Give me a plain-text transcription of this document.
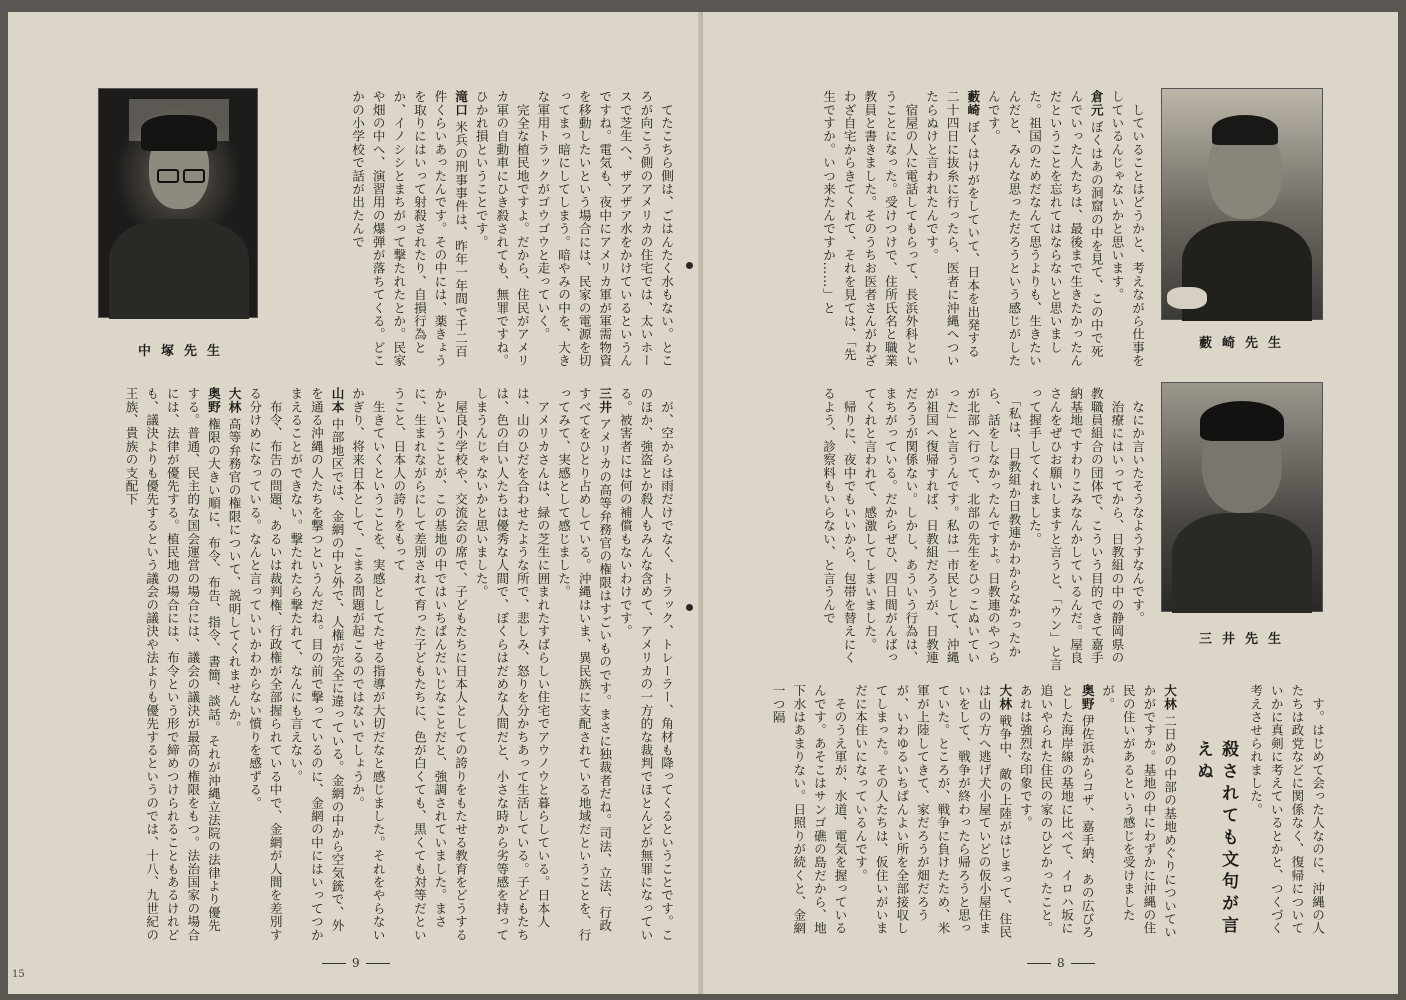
中塚先生	　てたこちら側は、ごはんたく水もない。ところが向こう側のアメリカの住宅では、太いホースで芝生へ、ザアザア水をかけているというんですね。電気も、夜中にアメリカ軍が軍需物資を移動したいという場合には、民家の電源を切ってまっ暗にしてしまう。暗やみの中を、大きな軍用トラックがゴウゴウと走っていく。

　完全な植民地ですよ。だから、住民がアメリカ軍の自動車にひき殺されても、無罪ですね。ひかれ損ということです。

滝口米兵の刑事事件は、昨年一年間で千二百件くらいあったんです。その中には、薬きょうを取りにはいって射殺されたり、自損行為とか、イノシシとまちがって撃たれたとか。民家や畑の中へ、演習用の爆弾が落ちてくる。どこかの小学校で話が出たんで

　が、空からは雨だけでなく、トラック、トレーラー、角材も降ってくるということです。このほか、強盗とか殺人もみんな含めて、アメリカの一方的な裁判でほとんどが無罪になっている。被害者には何の補償もないわけです。

三井アメリカの高等弁務官の権限はすごいものです。まさに独裁者だね。司法、立法、行政すべてをひとり占めしている。沖縄はいま、異民族に支配されている地域だということを、行ってみて、実感として感じました。

　アメリカさんは、緑の芝生に囲まれたすばらしい住宅でアウノウと暮らしている。日本人は、山のひだを合わせたような所で、悲しみ、怒りを分かちあって生活している。子どもたちは、色の白い人たちは優秀な人間で、ぼくらはだめな人間だと、小さな時から劣等感を持ってしまうんじゃないかと思いました。

　屋良小学校や、交流会の席で、子どもたちに日本人としての誇りをもたせる教育をどうするかということが、この基地の中ではいちばんだいじなことだと、強調されていました。まさに、生まれながらにして差別されて育った子どもたちに、色が白くても、黒くても対等だということ、日本人の誇りをもって

　生きていくということを、実感としてたせる指導が大切だなと感じました。それをやらないかぎり、将来日本として、こまる問題が起こるのではないでしょうか。

山本中部地区では、金網の中と外で、人権が完全に違っている。金網の中から空気銃で、外を通る沖縄の人たちを撃つというんだね。目の前で撃っているのに、金網の中にはいってつかまえることができない。撃たれたら撃たれて、なんにも言えない。

　布令、布告の問題、あるいは裁判権、行政権が全部握られている中で、金網が人間を差別する分けめになっている。なんと言っていいかわからない憤りを感ずる。

大林高等弁務官の権限について、説明してくれませんか。

奥野権限の大きい順に、布令、布告、指令、書簡、談話。それが沖縄立法院の法律より優先する。普通、民主的な国会運営の場合には、議会の議決が最高の権限をもつ。法治国家の場合には、法律が優先する。植民地の場合には、布令という形で締めつけられることもあるけれども、議決よりも優先するという議会の議決や法よりも優先するというのでは、十八、九世紀の王族、貴族の支配下

9

　していることはどうかと、考えながら仕事をしているんじゃないかと思います。

倉元ぼくはあの洞窟の中を見て、この中で死んでいった人たちは、最後まで生きたかったんだということを忘れてはならないと思いました。祖国のためだなんて思うよりも、生きたいんだと、みんな思っただろうという感じがしたんです。

藪崎ぼくはけがをしていて、日本を出発する二十四日に抜糸に行ったら、医者に沖縄へついたらぬけと言われたんです。

　宿屋の人に電話してもらって、長浜外科ということになった。受けつけで、住所氏名と職業教員と書きました。そのうちお医者さんがわざわざ自宅からきてくれて、それを見ては、「先生ですか。いつ来たんですか……」と

藪崎先生

　なにか言いたそうなようすなんです。

　治療にはいってから、日教組の中の静岡県の教職員組合の団体で、こういう目的できて嘉手納基地ですわりこみなんかしているんだ。屋良さんをぜひお願いしますと言うと、「ウン」と言って握手してくれました。

　「私は、日教組か日教連かわからなかったから、話をしなかったんですよ。日教連のやつらが北部へ行って、北部の先生をひっこぬいていった」と言うんです。私は一市民として、沖縄が祖国へ復帰すれば、日教組だろうが、日教連だろうが関係ない。しかし、あういう行為は、まちがっている。だからぜひ、四日間がんばってくれと言われて、感激してしまいました。

　帰りに、夜中でもいいから、包帯を替えにくるよう、診察料もいらない、と言うんで

三井先生

　す。はじめて会った人なのに、沖縄の人たちは政党などに関係なく、復帰についていかに真剣に考えているとかと、つくづく考えさせられました。

殺されても文句が言えぬ

大林二日めの中部の基地めぐりについていかがですか。基地の中にわずかに沖縄の住民の住いがあるという感じを受けましたが。

奥野伊佐浜からコザ、嘉手納、あの広びろとした海岸線の基地に比べて、イロハ坂に追いやられた住民の家のひどかったこと。あれは強烈な印象です。

大林戦争中、敵の上陸がはじまって、住民は山の方へ逃げ犬小屋ていどの仮小屋住まいをして、戦争が終わったら帰ろうと思っていた。ところが、戦争に負けたため、米軍が上陸してきて、家だろうが畑だろうが、いわゆるいちばんよい所を全部接収してしまった。その人たちは、仮住いがいまだに本住いになっているんです。

　そのうえ軍が、水道、電気を握っているんです。あそこはサンゴ礁の島だから、地下水はあまりない。日照りが続くと、金網一つ隔

8
15
